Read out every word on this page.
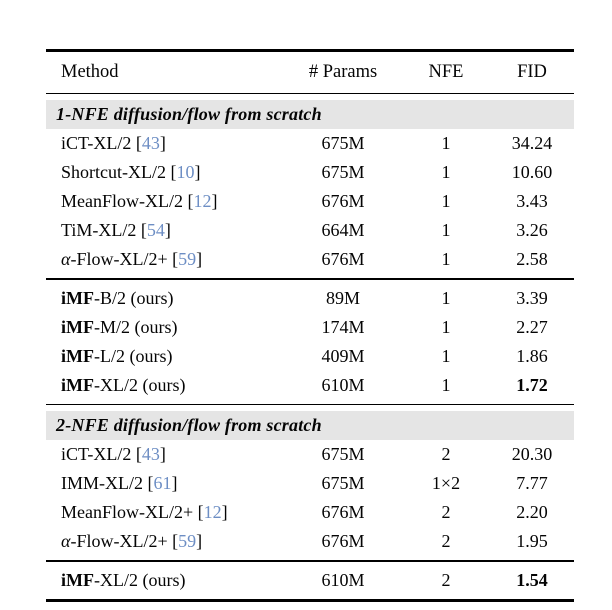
Method	# Params	NFE	FID
1-NFE diffusion/flow from scratch
iCT-XL/2 [43]	675M	1	34.24
Shortcut-XL/2 [10]	675M	1	10.60
MeanFlow-XL/2 [12]	676M	1	3.43
TiM-XL/2 [54]	664M	1	3.26
α-Flow-XL/2+ [59]	676M	1	2.58
iMF-B/2 (ours)	89M	1	3.39
iMF-M/2 (ours)	174M	1	2.27
iMF-L/2 (ours)	409M	1	1.86
iMF-XL/2 (ours)	610M	1	1.72
2-NFE diffusion/flow from scratch
iCT-XL/2 [43]	675M	2	20.30
IMM-XL/2 [61]	675M	1×2	7.77
MeanFlow-XL/2+ [12]	676M	2	2.20
α-Flow-XL/2+ [59]	676M	2	1.95
iMF-XL/2 (ours)	610M	2	1.54
